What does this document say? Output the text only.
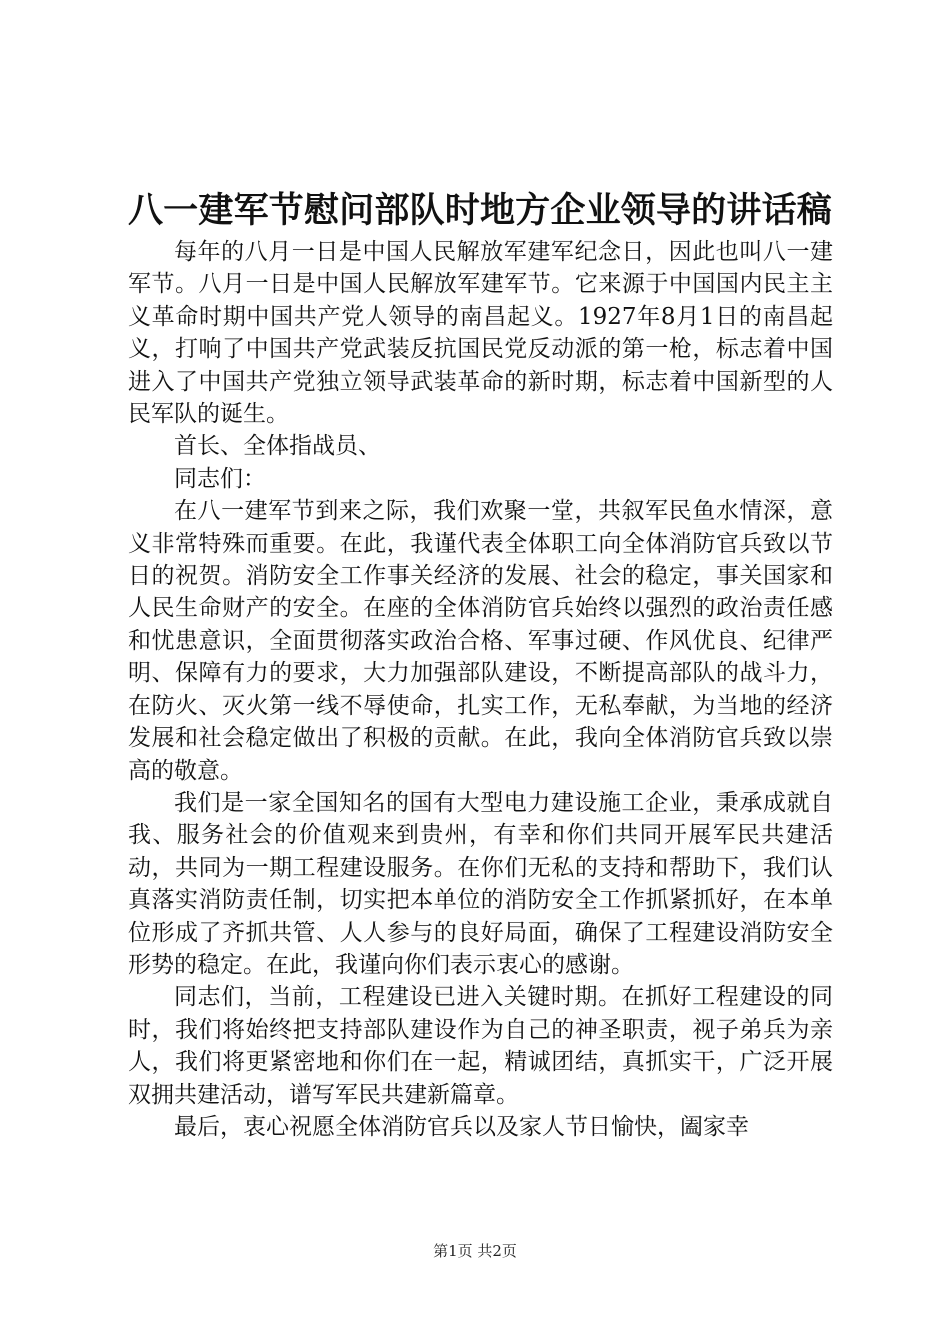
八一建军节慰问部队时地方企业领导的讲话稿

每年的八月一日是中国人民解放军建军纪念日，因此也叫八一建军节。八月一日是中国人民解放军建军节。它来源于中国国内民主主义革命时期中国共产党人领导的南昌起义。1927年8月1日的南昌起义，打响了中国共产党武装反抗国民党反动派的第一枪，标志着中国进入了中国共产党独立领导武装革命的新时期，标志着中国新型的人民军队的诞生。

首长、全体指战员、

同志们：

在八一建军节到来之际，我们欢聚一堂，共叙军民鱼水情深，意义非常特殊而重要。在此，我谨代表全体职工向全体消防官兵致以节日的祝贺。消防安全工作事关经济的发展、社会的稳定，事关国家和人民生命财产的安全。在座的全体消防官兵始终以强烈的政治责任感和忧患意识，全面贯彻落实政治合格、军事过硬、作风优良、纪律严明、保障有力的要求，大力加强部队建设，不断提高部队的战斗力，在防火、灭火第一线不辱使命，扎实工作，无私奉献，为当地的经济发展和社会稳定做出了积极的贡献。在此，我向全体消防官兵致以崇高的敬意。

我们是一家全国知名的国有大型电力建设施工企业，秉承成就自我、服务社会的价值观来到贵州，有幸和你们共同开展军民共建活动，共同为一期工程建设服务。在你们无私的支持和帮助下，我们认真落实消防责任制，切实把本单位的消防安全工作抓紧抓好，在本单位形成了齐抓共管、人人参与的良好局面，确保了工程建设消防安全形势的稳定。在此，我谨向你们表示衷心的感谢。

同志们，当前，工程建设已进入关键时期。在抓好工程建设的同时，我们将始终把支持部队建设作为自己的神圣职责，视子弟兵为亲人，我们将更紧密地和你们在一起，精诚团结，真抓实干，广泛开展双拥共建活动，谱写军民共建新篇章。

最后，衷心祝愿全体消防官兵以及家人节日愉快，阖家幸

第1页 共2页
